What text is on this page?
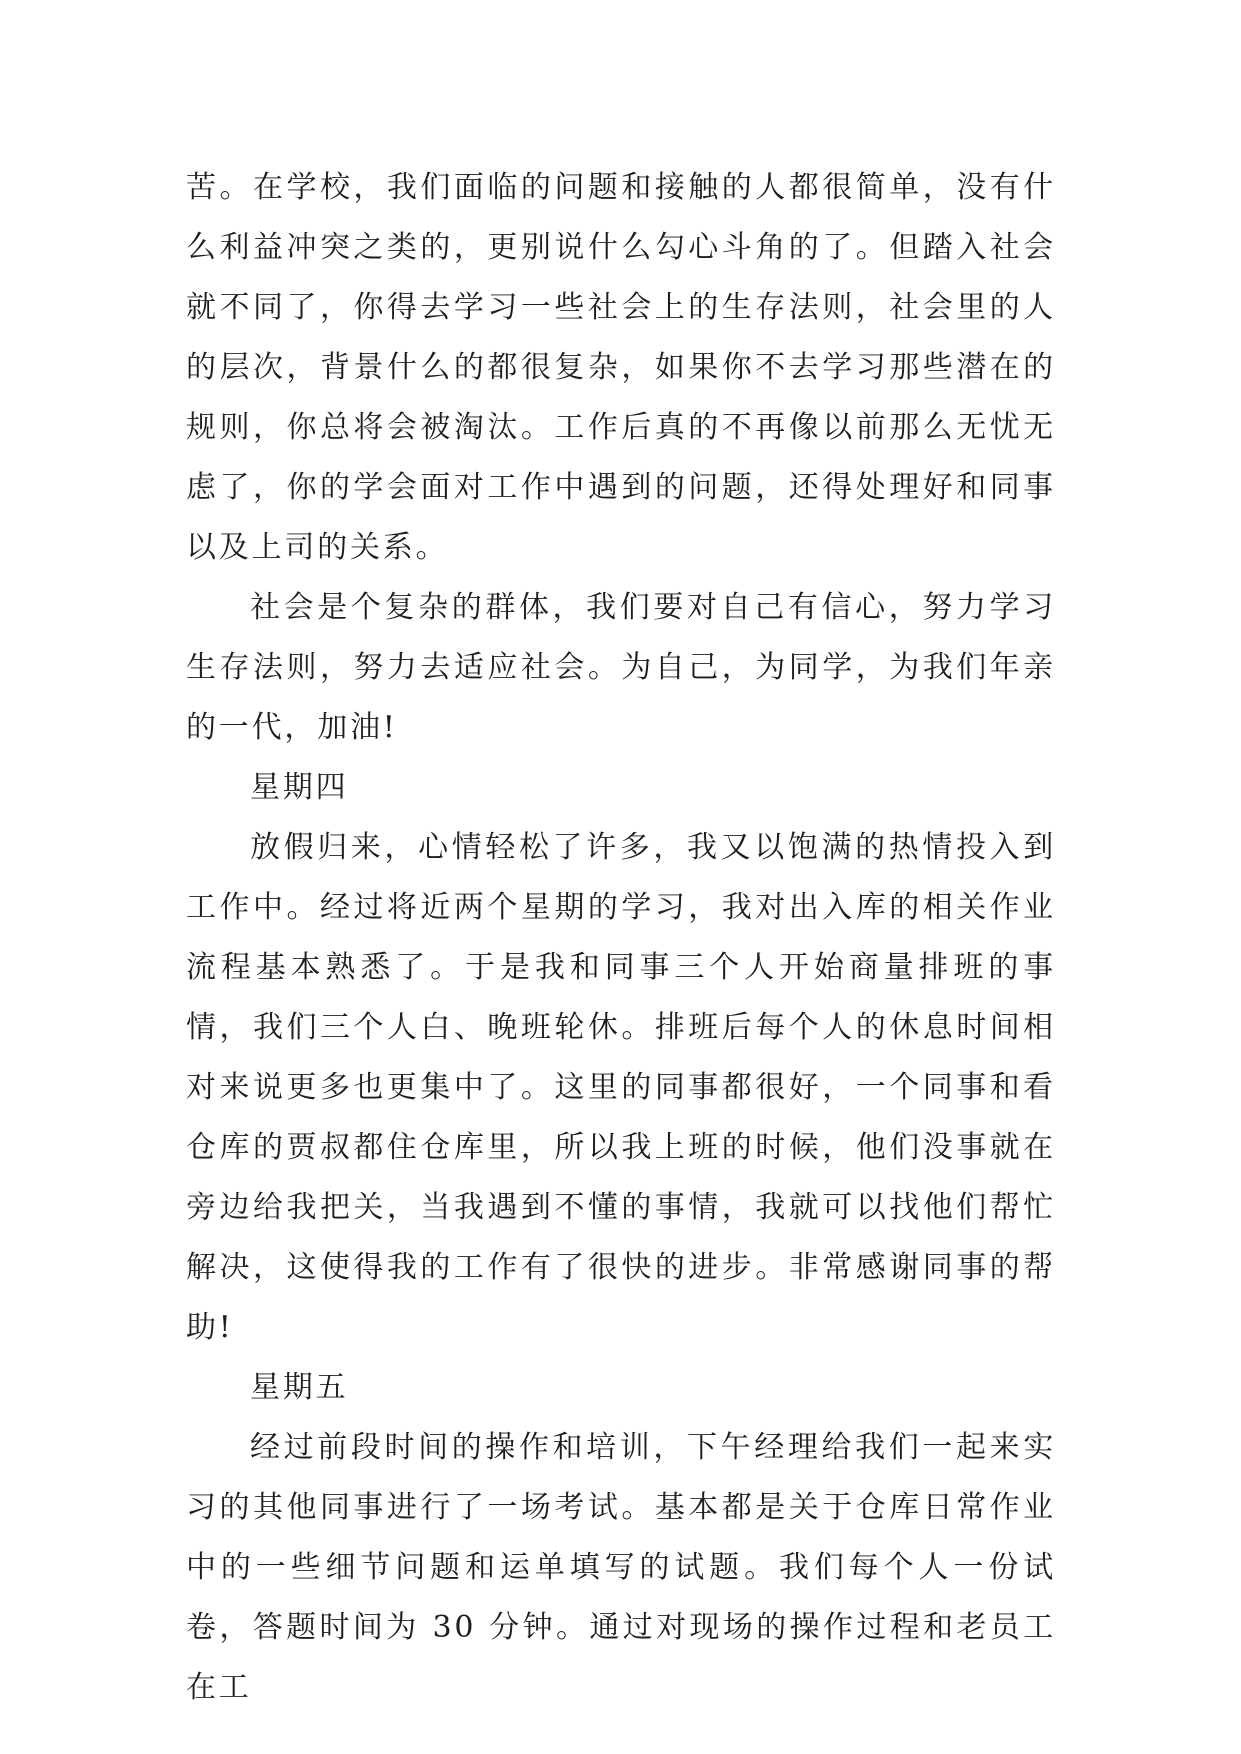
苦。在学校，我们面临的问题和接触的人都很简单，没有什么利益冲突之类的，更别说什么勾心斗角的了。但踏入社会就不同了，你得去学习一些社会上的生存法则，社会里的人的层次，背景什么的都很复杂，如果你不去学习那些潜在的规则，你总将会被淘汰。工作后真的不再像以前那么无忧无虑了，你的学会面对工作中遇到的问题，还得处理好和同事以及上司的关系。

社会是个复杂的群体，我们要对自己有信心，努力学习生存法则，努力去适应社会。为自己，为同学，为我们年亲的一代，加油!

星期四

放假归来，心情轻松了许多，我又以饱满的热情投入到工作中。经过将近两个星期的学习，我对出入库的相关作业流程基本熟悉了。于是我和同事三个人开始商量排班的事情，我们三个人白、晚班轮休。排班后每个人的休息时间相对来说更多也更集中了。这里的同事都很好，一个同事和看仓库的贾叔都住仓库里，所以我上班的时候，他们没事就在旁边给我把关，当我遇到不懂的事情，我就可以找他们帮忙解决，这使得我的工作有了很快的进步。非常感谢同事的帮助!

星期五

经过前段时间的操作和培训，下午经理给我们一起来实习的其他同事进行了一场考试。基本都是关于仓库日常作业中的一些细节问题和运单填写的试题。我们每个人一份试卷，答题时间为 30 分钟。通过对现场的操作过程和老员工在工
